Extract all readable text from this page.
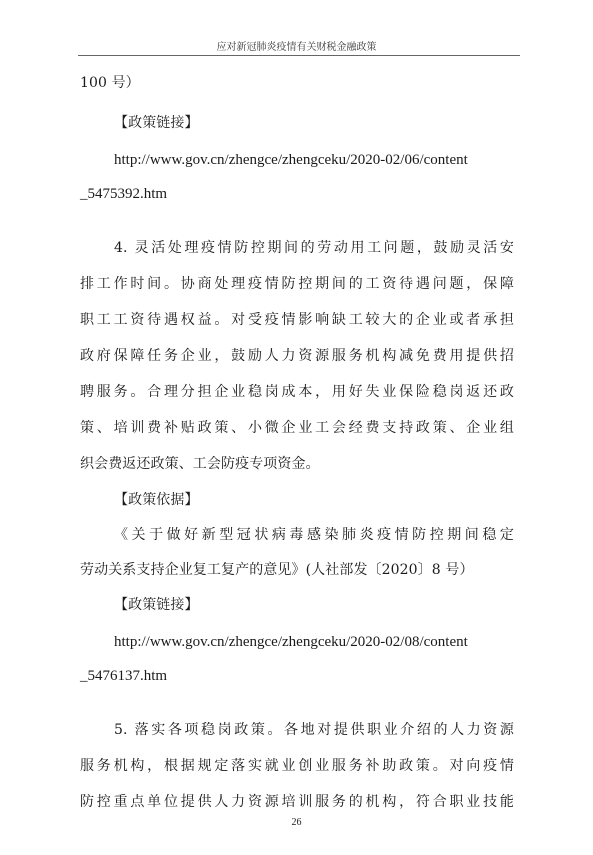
应对新冠肺炎疫情有关财税金融政策
100 号）
【政策链接】
http://www.gov.cn/zhengce/zhengceku/2020-02/06/content
_5475392.htm
4. 灵活处理疫情防控期间的劳动用工问题，鼓励灵活安
排工作时间。协商处理疫情防控期间的工资待遇问题，保障
职工工资待遇权益。对受疫情影响缺工较大的企业或者承担
政府保障任务企业，鼓励人力资源服务机构减免费用提供招
聘服务。合理分担企业稳岗成本，用好失业保险稳岗返还政
策、培训费补贴政策、小微企业工会经费支持政策、企业组
织会费返还政策、工会防疫专项资金。
【政策依据】
《关于做好新型冠状病毒感染肺炎疫情防控期间稳定
劳动关系支持企业复工复产的意见》(人社部发〔2020〕8 号）
【政策链接】
http://www.gov.cn/zhengce/zhengceku/2020-02/08/content
_5476137.htm
5. 落实各项稳岗政策。各地对提供职业介绍的人力资源
服务机构，根据规定落实就业创业服务补助政策。对向疫情
防控重点单位提供人力资源培训服务的机构，符合职业技能
26
